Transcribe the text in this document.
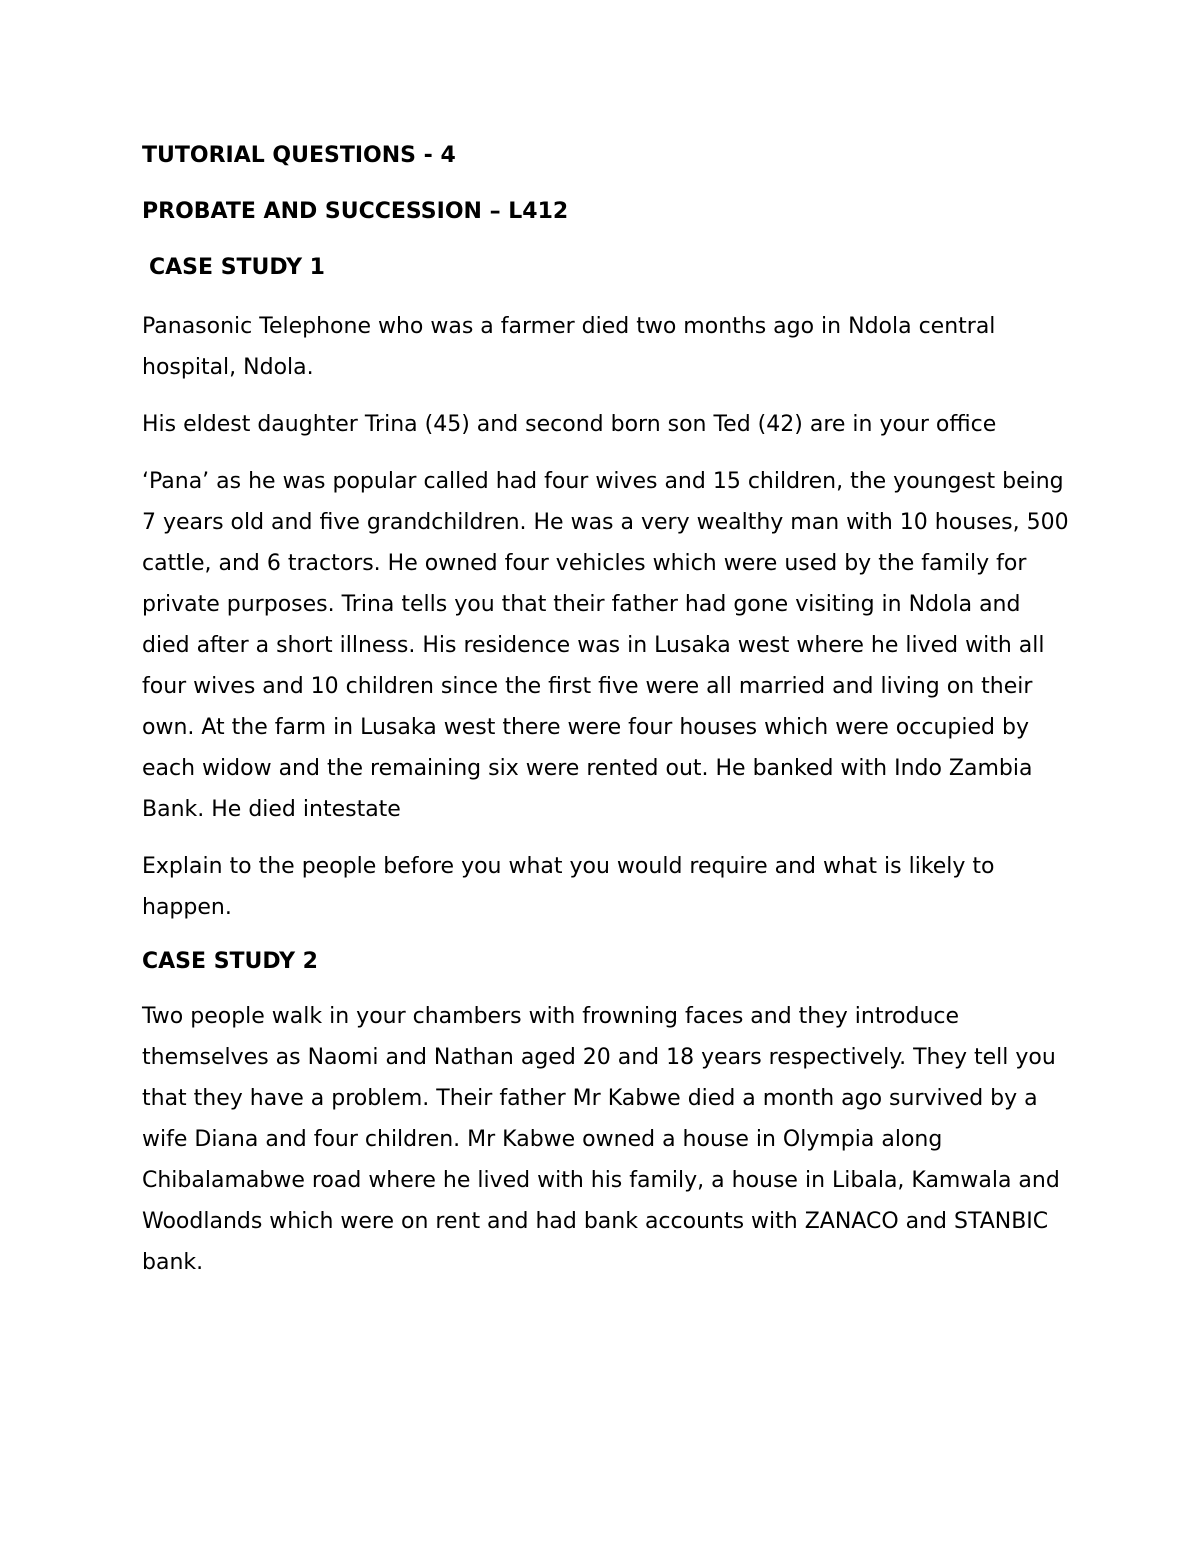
TUTORIAL QUESTIONS - 4

PROBATE AND SUCCESSION – L412

CASE STUDY 1

Panasonic Telephone who was a farmer died two months ago in Ndola central hospital, Ndola.

His eldest daughter Trina (45) and second born son Ted (42) are in your office

‘Pana’ as he was popular called had four wives and 15 children, the youngest being 7 years old and five grandchildren. He was a very wealthy man with 10 houses, 500 cattle, and 6 tractors. He owned four vehicles which were used by the family for private purposes. Trina tells you that their father had gone visiting in Ndola and died after a short illness. His residence was in Lusaka west where he lived with all four wives and 10 children since the first five were all married and living on their own. At the farm in Lusaka west there were four houses which were occupied by each widow and the remaining six were rented out. He banked with Indo Zambia Bank. He died intestate

Explain to the people before you what you would require and what is likely to happen.

CASE STUDY 2

Two people walk in your chambers with frowning faces and they introduce themselves as Naomi and Nathan aged 20 and 18 years respectively. They tell you that they have a problem. Their father Mr Kabwe died a month ago survived by a wife Diana and four children. Mr Kabwe owned a house in Olympia along Chibalamabwe road where he lived with his family, a house in Libala, Kamwala and Woodlands which were on rent and had bank accounts with ZANACO and STANBIC bank.
